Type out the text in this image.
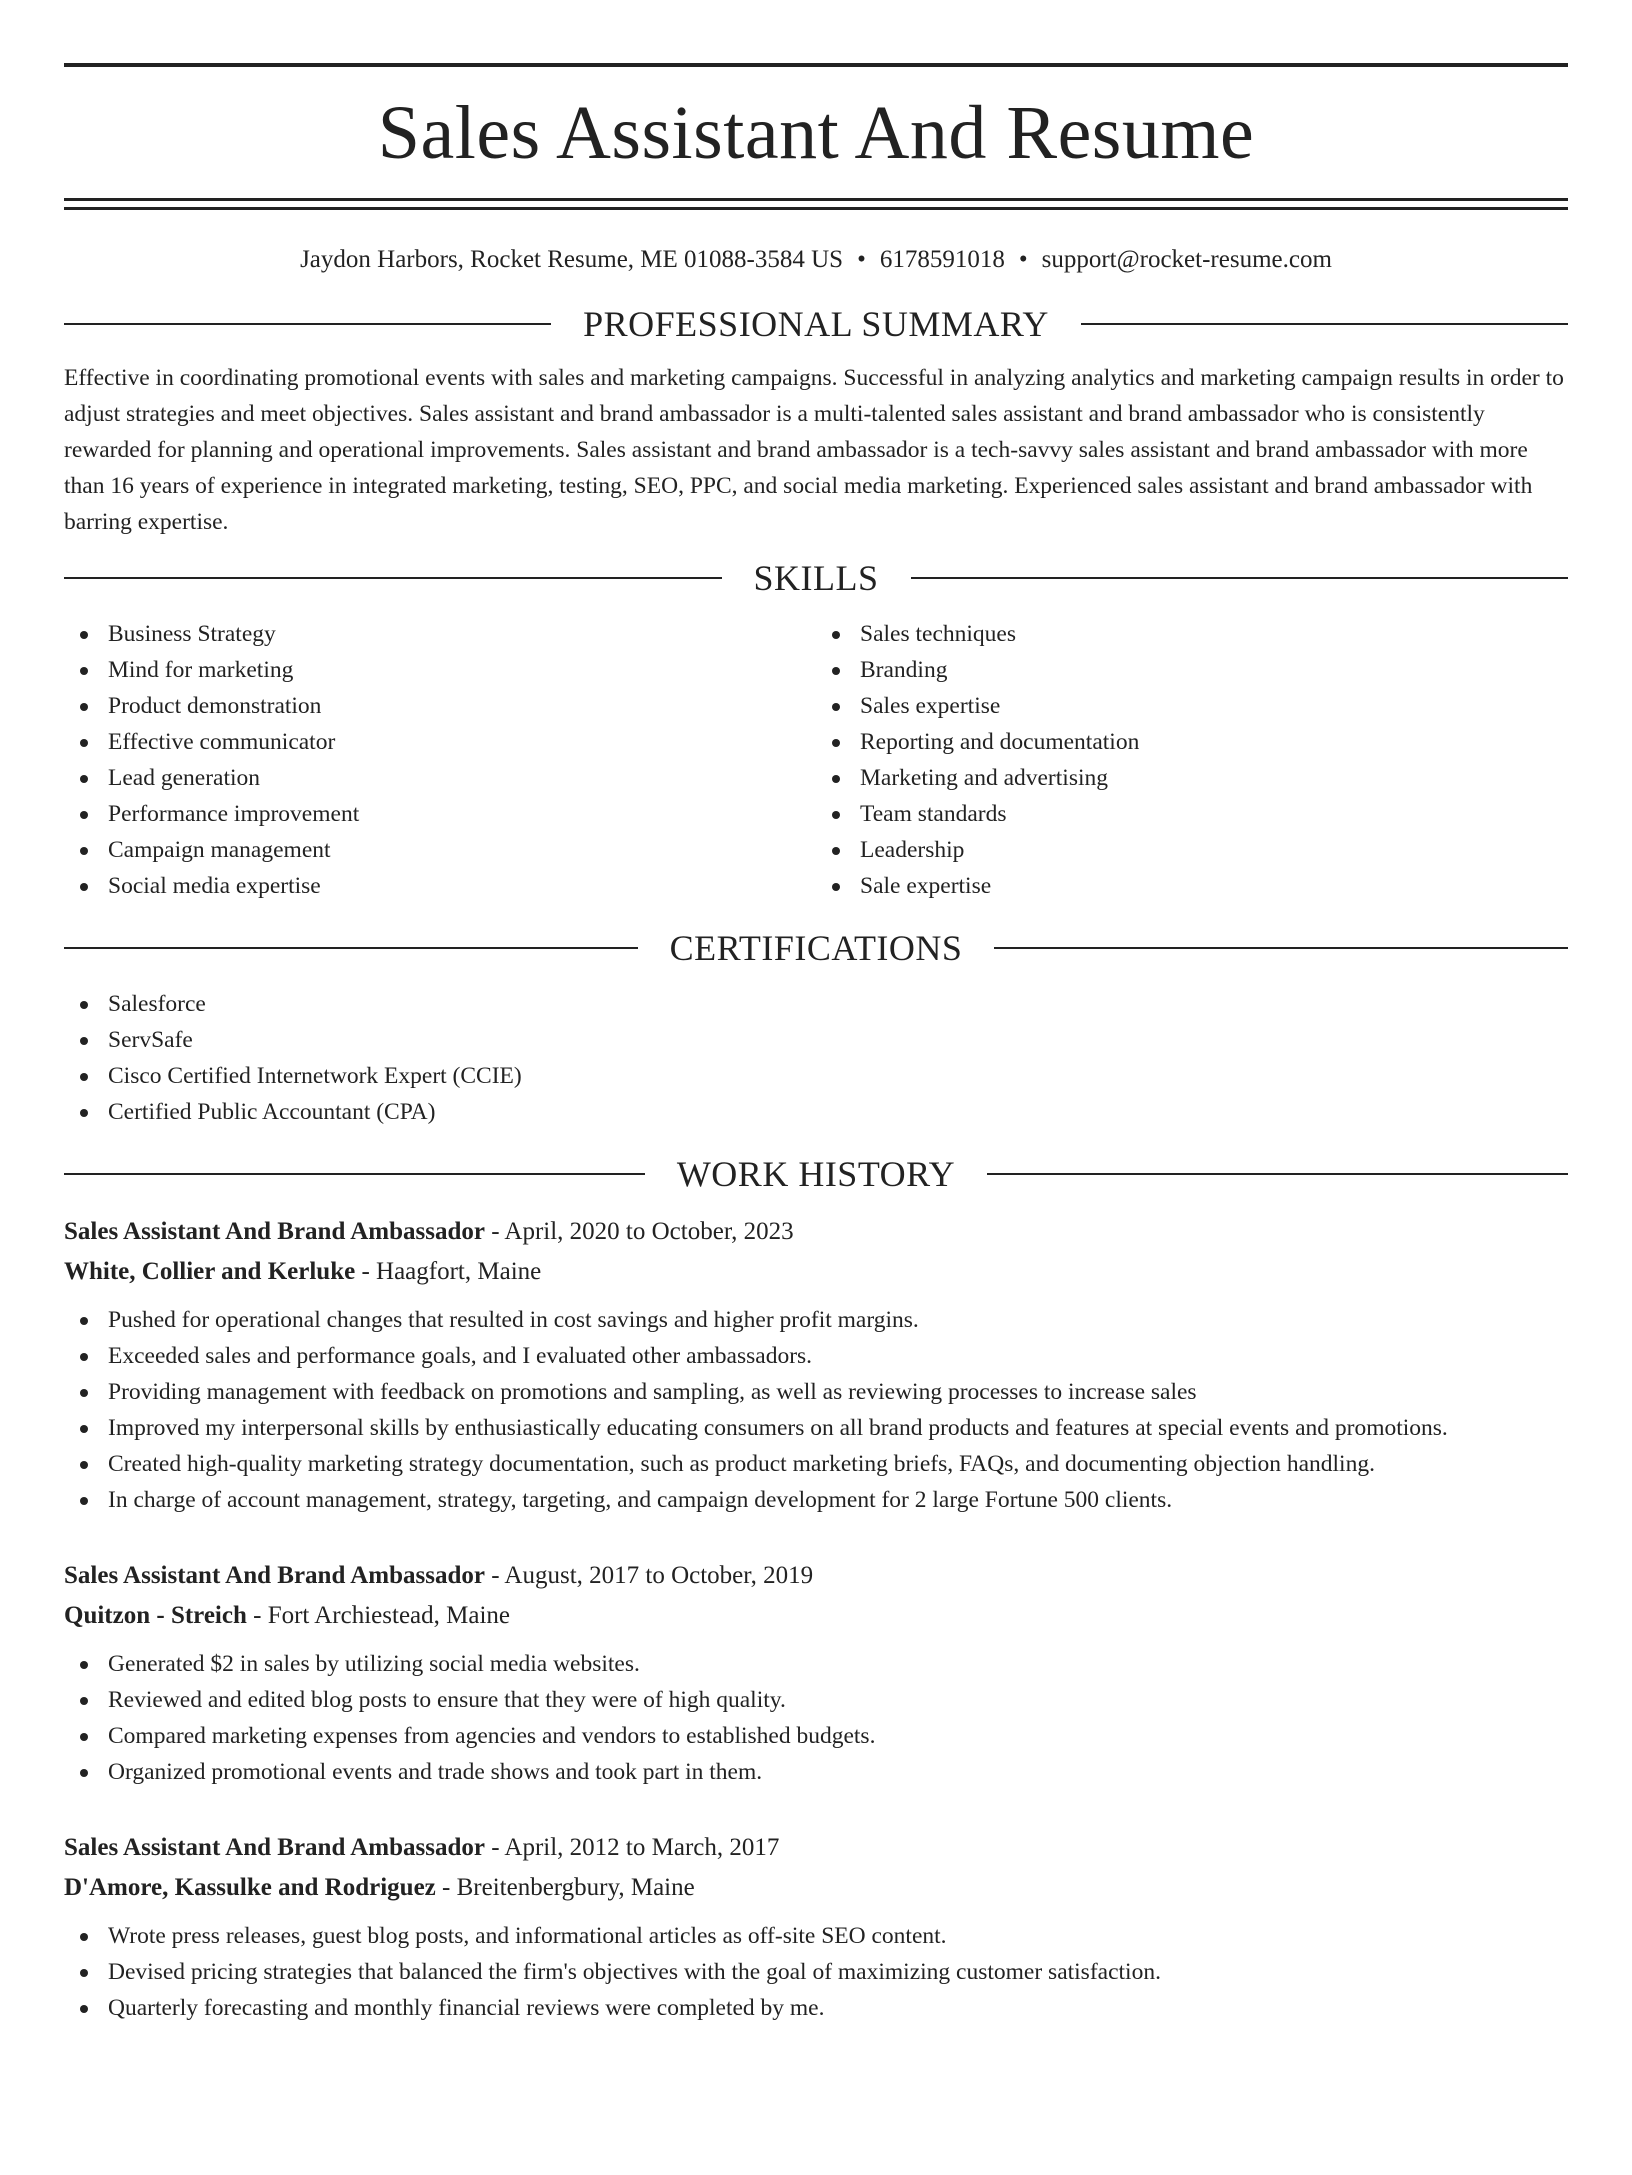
Sales Assistant And Resume
Jaydon Harbors, Rocket Resume, ME 01088-3584 US • 6178591018 • support@rocket-resume.com
PROFESSIONAL SUMMARY

Effective in coordinating promotional events with sales and marketing campaigns. Successful in analyzing analytics and marketing campaign results in order to adjust strategies and meet objectives. Sales assistant and brand ambassador is a multi-talented sales assistant and brand ambassador who is consistently rewarded for planning and operational improvements. Sales assistant and brand ambassador is a tech-savvy sales assistant and brand ambassador with more than 16 years of experience in integrated marketing, testing, SEO, PPC, and social media marketing. Experienced sales assistant and brand ambassador with barring expertise.

SKILLS
Business Strategy
Mind for marketing
Product demonstration
Effective communicator
Lead generation
Performance improvement
Campaign management
Social media expertise
Sales techniques
Branding
Sales expertise
Reporting and documentation
Marketing and advertising
Team standards
Leadership
Sale expertise
CERTIFICATIONS
Salesforce
ServSafe
Cisco Certified Internetwork Expert (CCIE)
Certified Public Accountant (CPA)
WORK HISTORY
Sales Assistant And Brand Ambassador - April, 2020 to October, 2023
White, Collier and Kerluke - Haagfort, Maine
Pushed for operational changes that resulted in cost savings and higher profit margins.
Exceeded sales and performance goals, and I evaluated other ambassadors.
Providing management with feedback on promotions and sampling, as well as reviewing processes to increase sales
Improved my interpersonal skills by enthusiastically educating consumers on all brand products and features at special events and promotions.
Created high-quality marketing strategy documentation, such as product marketing briefs, FAQs, and documenting objection handling.
In charge of account management, strategy, targeting, and campaign development for 2 large Fortune 500 clients.
Sales Assistant And Brand Ambassador - August, 2017 to October, 2019
Quitzon - Streich - Fort Archiestead, Maine
Generated $2 in sales by utilizing social media websites.
Reviewed and edited blog posts to ensure that they were of high quality.
Compared marketing expenses from agencies and vendors to established budgets.
Organized promotional events and trade shows and took part in them.
Sales Assistant And Brand Ambassador - April, 2012 to March, 2017
D'Amore, Kassulke and Rodriguez - Breitenbergbury, Maine
Wrote press releases, guest blog posts, and informational articles as off-site SEO content.
Devised pricing strategies that balanced the firm's objectives with the goal of maximizing customer satisfaction.
Quarterly forecasting and monthly financial reviews were completed by me.
